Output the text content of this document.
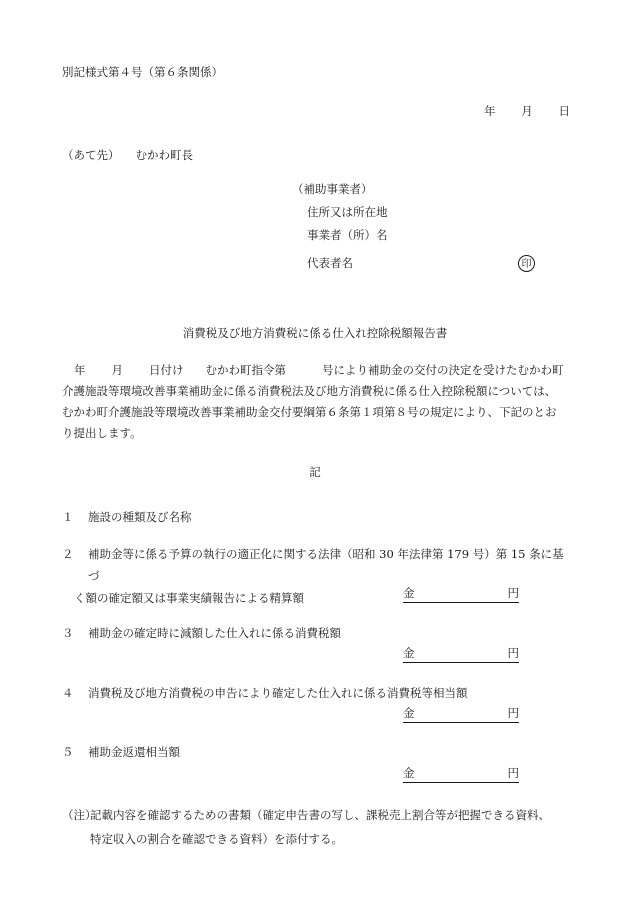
別記様式第４号（第６条関係）
年 月 日
（あて先） むかわ町長
（補助事業者）
住所又は所在地
事業者（所）名
代表者名	印
消費税及び地方消費税に係る仕入れ控除税額報告書
年 月 日付け むかわ町指令第	号により補助金の交付の決定を受けたむかわ町
介護施設等環境改善事業補助金に係る消費税法及び地方消費税に係る仕入控除税額については、
むかわ町介護施設等環境改善事業補助金交付要綱第６条第１項第８号の規定により、下記のとお
り提出します。
記
１ 施設の種類及び名称
２ 補助金等に係る予算の執行の適正化に関する法律（昭和 30 年法律第 179 号）第 15 条に基づ
く額の確定額又は事業実績報告による精算額	金	円
３ 補助金の確定時に減額した仕入れに係る消費税額
金	円
４ 消費税及び地方消費税の申告により確定した仕入れに係る消費税等相当額
金	円
５ 補助金返還相当額
金	円
（注）
記載内容を確認するための書類（確定申告書の写し、課税売上割合等が把握できる資料、
特定収入の割合を確認できる資料）を添付する。
